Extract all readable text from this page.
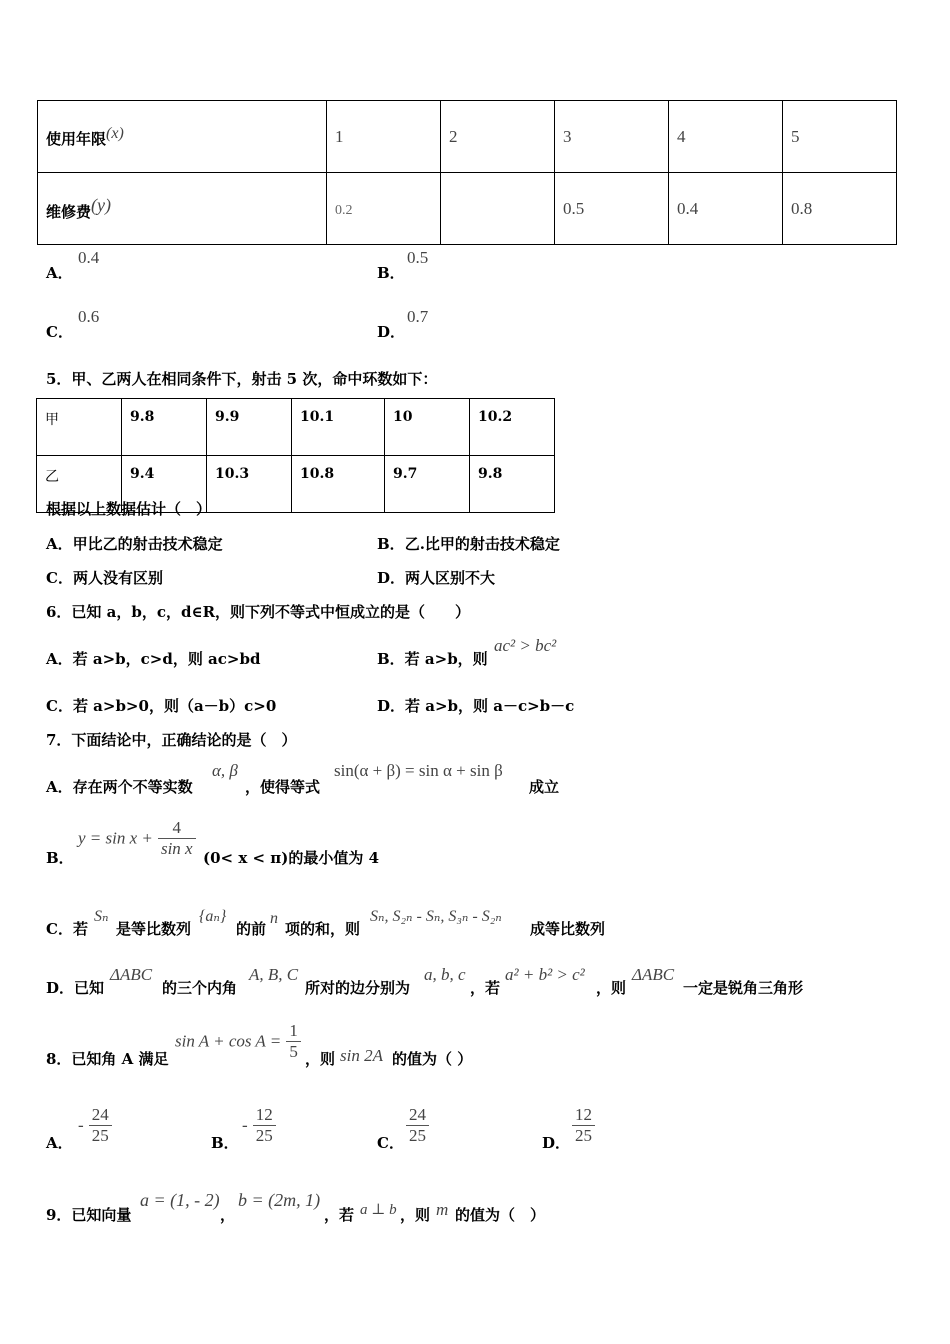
使用年限(x)	1	2	3	4	5
维修费(y)	0.2		0.5	0.4	0.8
A．
0.4
B．
0.5
C．
0.6
D．
0.7
5．甲、乙两人在相同条件下，射击 5 次，命中环数如下：
甲	9.8	9.9	10.1	10	10.2
乙	9.4	10.3	10.8	9.7	9.8
根据以上数据估计（　）
A．甲比乙的射击技术稳定	B．乙.比甲的射击技术稳定
C．两人没有区别	D．两人区别不大
6．已知 a，b，c，d∈R，则下列不等式中恒成立的是（　　）
A．若 a>b，c>d，则 ac>bd	B．若 a>b，则
ac² > bc²
C．若 a>b>0，则（a－b）c>0	D．若 a>b，则 a－c>b－c
7．下面结论中，正确结论的是（　）
A．存在两个不等实数
α, β
，使得等式
sin(α + β) = sin α + sin β
成立
B．
$y = \sin x + \frac{4}{\text{sin x}} (0< x < \pi)$的最小值为 4
C．若
Sₙ
是等比数列
{aₙ}
的前
n
项的和，则
Sₙ, S₂ₙ - Sₙ, S₃ₙ - S₂ₙ
成等比数列
D．已知
ΔABC
的三个内角
A, B, C
所对的边分别为
a, b, c
，若
a² + b² > c²
，则
ΔABC
一定是锐角三角形
8．已知角 A 满足
$\sin A + \cos A = \frac{1}{5}$ ，则 sin 2A 的值为（ ）
A．
- $\frac{24}{25}$	B．
- $\frac{12}{25}$	C． $\frac{24}{25}$	D． $\frac{12}{25}$
9．已知向量
a = (1, - 2)
，
b = (2m, 1)
，若 a ⊥ b ，则 m 的值为（　）
